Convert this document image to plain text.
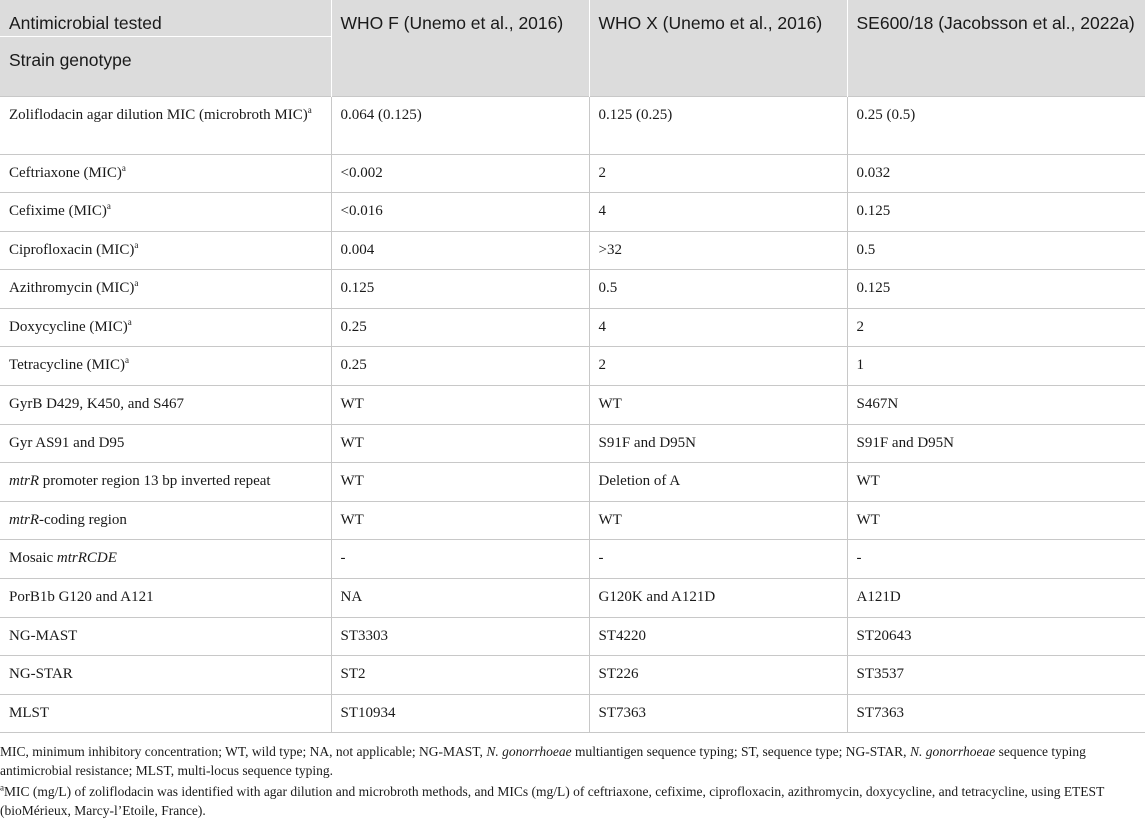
Antimicrobial tested
Strain genotype	WHO F (Unemo et al., 2016)	WHO X (Unemo et al., 2016)	SE600/18 (Jacobsson et al., 2022a)
Zoliflodacin agar dilution MIC (microbroth MIC)$^a$	0.064 (0.125)	0.125 (0.25)	0.25 (0.5)
Ceftriaxone (MIC)$^a$	<0.002	2	0.032
Cefixime (MIC)$^a$	<0.016	4	0.125
Ciprofloxacin (MIC)$^a$	0.004	>32	0.5
Azithromycin (MIC)$^a$	0.125	0.5	0.125
Doxycycline (MIC)$^a$	0.25	4	2
Tetracycline (MIC)$^a$	0.25	2	1
GyrB D429, K450, and S467	WT	WT	S467N
Gyr AS91 and D95	WT	S91F and D95N	S91F and D95N
mtrR promoter region 13 bp inverted repeat	WT	Deletion of A	WT
mtrR-coding region	WT	WT	WT
Mosaic mtrRCDE	-	-	-
PorB1b G120 and A121	NA	G120K and A121D	A121D
NG-MAST	ST3303	ST4220	ST20643
NG-STAR	ST2	ST226	ST3537
MLST	ST10934	ST7363	ST7363

MIC, minimum inhibitory concentration; WT, wild type; NA, not applicable; NG-MAST, N. gonorrhoeae multiantigen sequence typing; ST, sequence type; NG-STAR, N. gonorrhoeae sequence typing antimicrobial resistance; MLST, multi-locus sequence typing.

$^a$MIC (mg/L) of zoliflodacin was identified with agar dilution and microbroth methods, and MICs (mg/L) of ceftriaxone, cefixime, ciprofloxacin, azithromycin, doxycycline, and tetracycline, using ETEST (bioMérieux, Marcy-l’Etoile, France).
